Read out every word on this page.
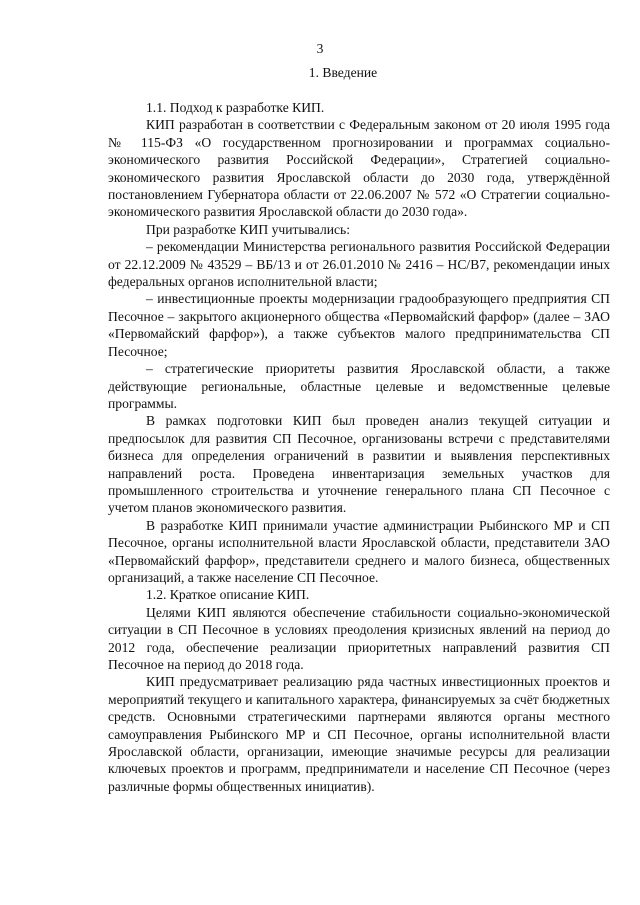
3
1. Введение

1.1. Подход к разработке КИП.

КИП разработан в соответствии с Федеральным законом от 20 июля 1995 года № 115-ФЗ «О государственном прогнозировании и программах социально-экономического развития Российской Федерации», Стратегией социально-экономического развития Ярославской области до 2030 года, утверждённой постановлением Губернатора области от 22.06.2007 № 572 «О Стратегии социально-экономического развития Ярославской области до 2030 года».

При разработке КИП учитывались:

– рекомендации Министерства регионального развития Российской Федерации от 22.12.2009 № 43529 – ВБ/13 и от 26.01.2010 № 2416 – НС/В7, рекомендации иных федеральных органов исполнительной власти;

– инвестиционные проекты модернизации градообразующего предприятия СП Песочное – закрытого акционерного общества «Первомайский фарфор» (далее – ЗАО «Первомайский фарфор»), а также субъектов малого предпринимательства СП Песочное;

– стратегические приоритеты развития Ярославской области, а также действующие региональные, областные целевые и ведомственные целевые программы.

В рамках подготовки КИП был проведен анализ текущей ситуации и предпосылок для развития СП Песочное, организованы встречи с представителями бизнеса для определения ограничений в развитии и выявления перспективных направлений роста. Проведена инвентаризация земельных участков для промышленного строительства и уточнение генерального плана СП Песочное с учетом планов экономического развития.

В разработке КИП принимали участие администрации Рыбинского МР и СП Песочное, органы исполнительной власти Ярославской области, представители ЗАО «Первомайский фарфор», представители среднего и малого бизнеса, общественных организаций, а также население СП Песочное.

1.2. Краткое описание КИП.

Целями КИП являются обеспечение стабильности социально-экономической ситуации в СП Песочное в условиях преодоления кризисных явлений на период до 2012 года, обеспечение реализации приоритетных направлений развития СП Песочное на период до 2018 года.

КИП предусматривает реализацию ряда частных инвестиционных проектов и мероприятий текущего и капитального характера, финансируемых за счёт бюджетных средств. Основными стратегическими партнерами являются органы местного самоуправления Рыбинского МР и СП Песочное, органы исполнительной власти Ярославской области, организации, имеющие значимые ресурсы для реализации ключевых проектов и программ, предприниматели и население СП Песочное (через различные формы общественных инициатив).
